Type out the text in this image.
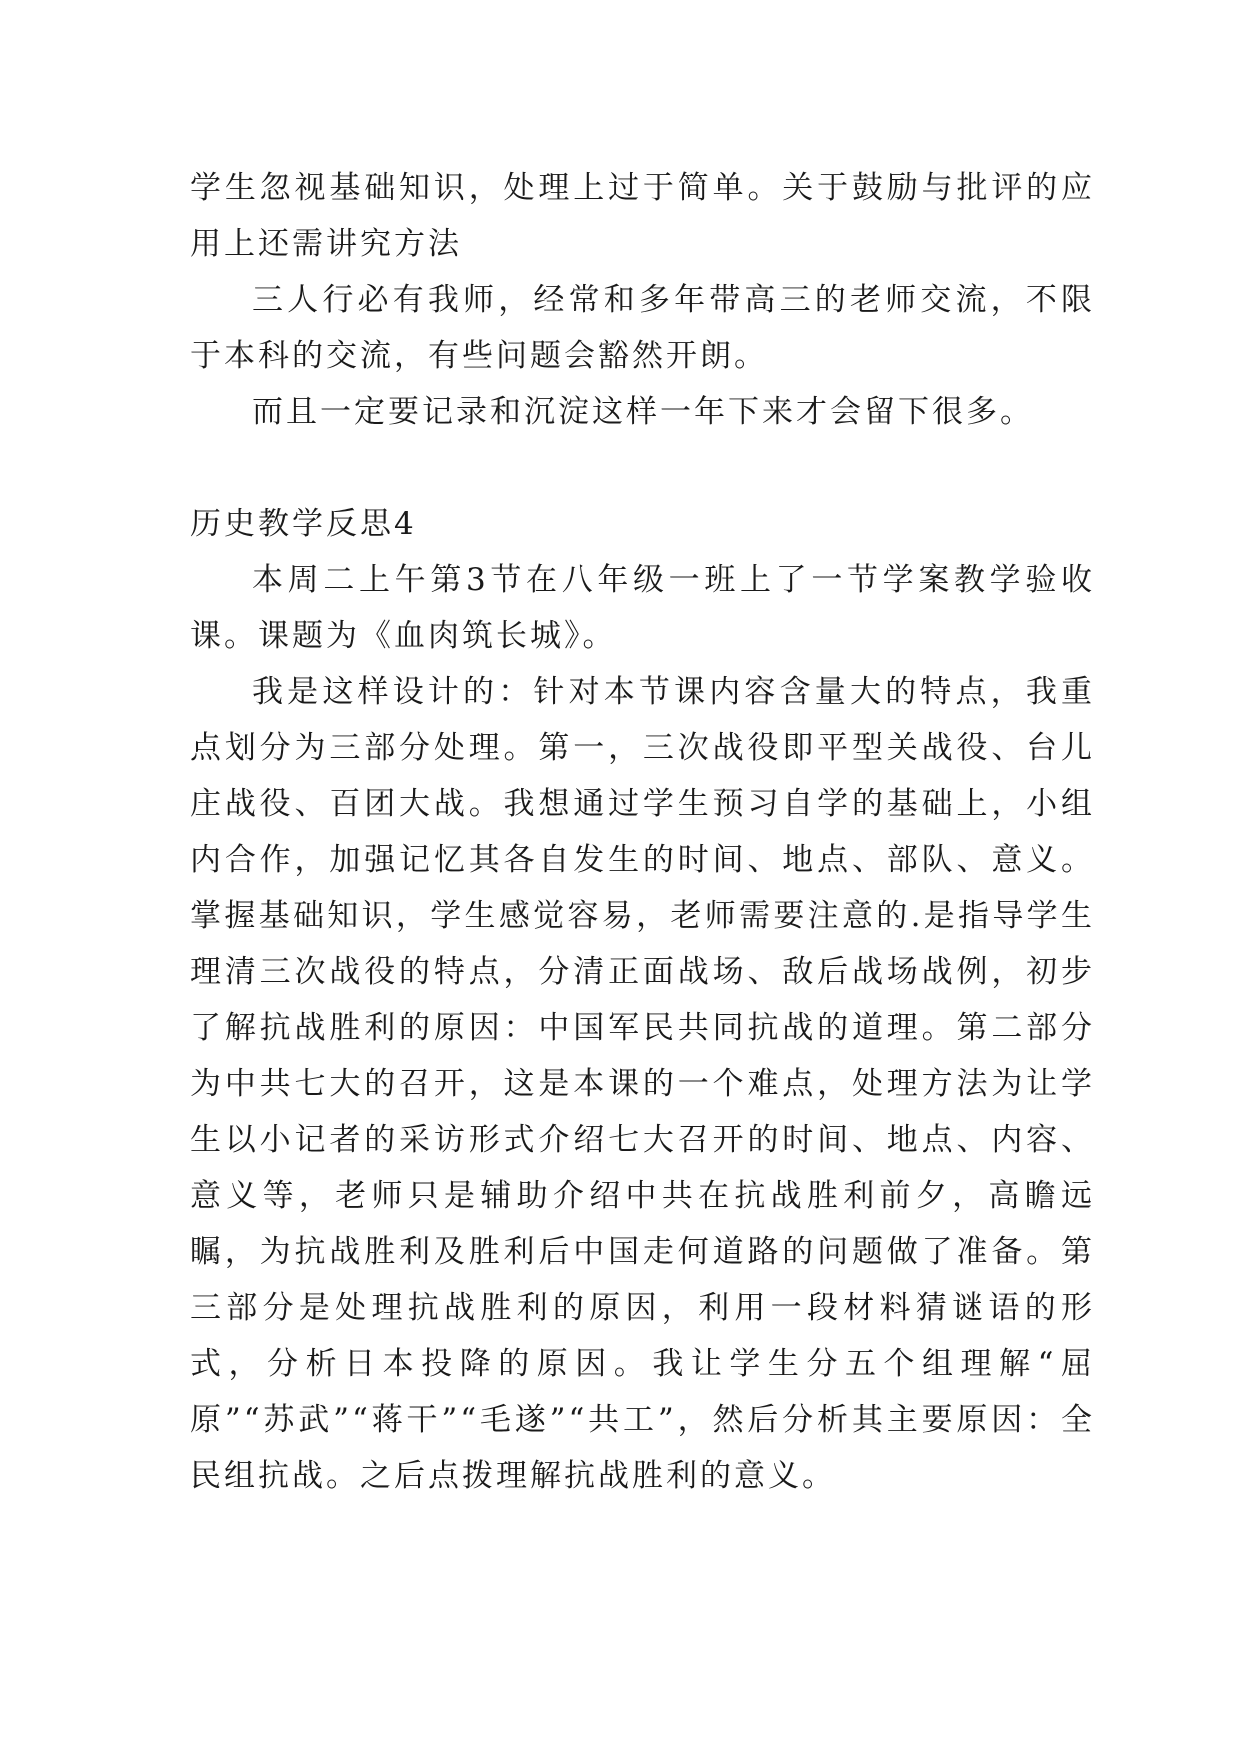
学生忽视基础知识，处理上过于简单。关于鼓励与批评的应用上还需讲究方法

三人行必有我师，经常和多年带高三的老师交流，不限于本科的交流，有些问题会豁然开朗。

而且一定要记录和沉淀这样一年下来才会留下很多。

历史教学反思4

本周二上午第3节在八年级一班上了一节学案教学验收课。课题为《血肉筑长城》。

我是这样设计的：针对本节课内容含量大的特点，我重点划分为三部分处理。第一，三次战役即平型关战役、台儿庄战役、百团大战。我想通过学生预习自学的基础上，小组内合作，加强记忆其各自发生的时间、地点、部队、意义。掌握基础知识，学生感觉容易，老师需要注意的.是指导学生理清三次战役的特点，分清正面战场、敌后战场战例，初步了解抗战胜利的原因：中国军民共同抗战的道理。第二部分为中共七大的召开，这是本课的一个难点，处理方法为让学生以小记者的采访形式介绍七大召开的时间、地点、内容、意义等，老师只是辅助介绍中共在抗战胜利前夕，高瞻远瞩，为抗战胜利及胜利后中国走何道路的问题做了准备。第三部分是处理抗战胜利的原因，利用一段材料猜谜语的形式，分析日本投降的原因。我让学生分五个组理解“屈原”“苏武”“蒋干”“毛遂”“共工”，然后分析其主要原因：全民组抗战。之后点拨理解抗战胜利的意义。
